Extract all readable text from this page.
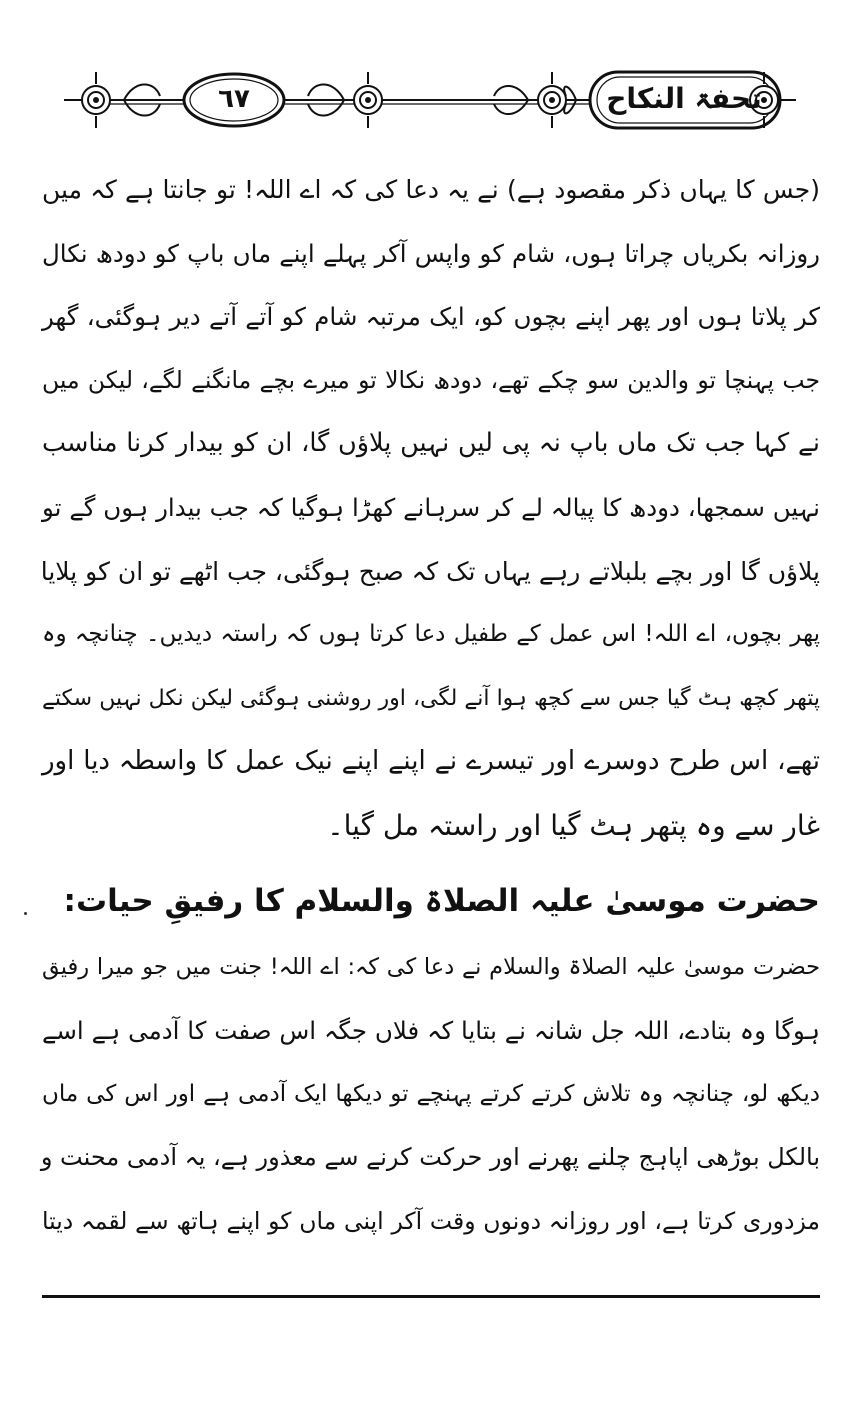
٦٧	تحفۃ النکاح
(جس کا یہاں ذکر مقصود ہے) نے یہ دعا کی کہ اے اللہ! تو جانتا ہے کہ میں
روزانہ بکریاں چراتا ہوں، شام کو واپس آکر پہلے اپنے ماں باپ کو دودھ نکال
کر پلاتا ہوں اور پھر اپنے بچوں کو، ایک مرتبہ شام کو آتے آتے دیر ہوگئی، گھر
جب پہنچا تو والدین سو چکے تھے، دودھ نکالا تو میرے بچے مانگنے لگے، لیکن میں
نے کہا جب تک ماں باپ نہ پی لیں نہیں پلاؤں گا، ان کو بیدار کرنا مناسب
نہیں سمجھا، دودھ کا پیالہ لے کر سرہانے کھڑا ہوگیا کہ جب بیدار ہوں گے تو
پلاؤں گا اور بچے بلبلاتے رہے یہاں تک کہ صبح ہوگئی، جب اٹھے تو ان کو پلایا
پھر بچوں، اے اللہ! اس عمل کے طفیل دعا کرتا ہوں کہ راستہ دیدیں۔ چنانچہ وہ
پتھر کچھ ہٹ گیا جس سے کچھ ہوا آنے لگی، اور روشنی ہوگئی لیکن نکل نہیں سکتے
تھے، اس طرح دوسرے اور تیسرے نے اپنے اپنے نیک عمل کا واسطہ دیا اور
غار سے وہ پتھر ہٹ گیا اور راستہ مل گیا۔
حضرت موسیٰ علیہ الصلاۃ والسلام کا رفیقِ حیات:
حضرت موسیٰ علیہ الصلاۃ والسلام نے دعا کی کہ: اے اللہ! جنت میں جو میرا رفیق
ہوگا وہ بتادے، اللہ جل شانہ نے بتایا کہ فلاں جگہ اس صفت کا آدمی ہے اسے
دیکھ لو، چنانچہ وہ تلاش کرتے کرتے پہنچے تو دیکھا ایک آدمی ہے اور اس کی ماں
بالکل بوڑھی اپاہج چلنے پھرنے اور حرکت کرنے سے معذور ہے، یہ آدمی محنت و
مزدوری کرتا ہے، اور روزانہ دونوں وقت آکر اپنی ماں کو اپنے ہاتھ سے لقمہ دیتا
